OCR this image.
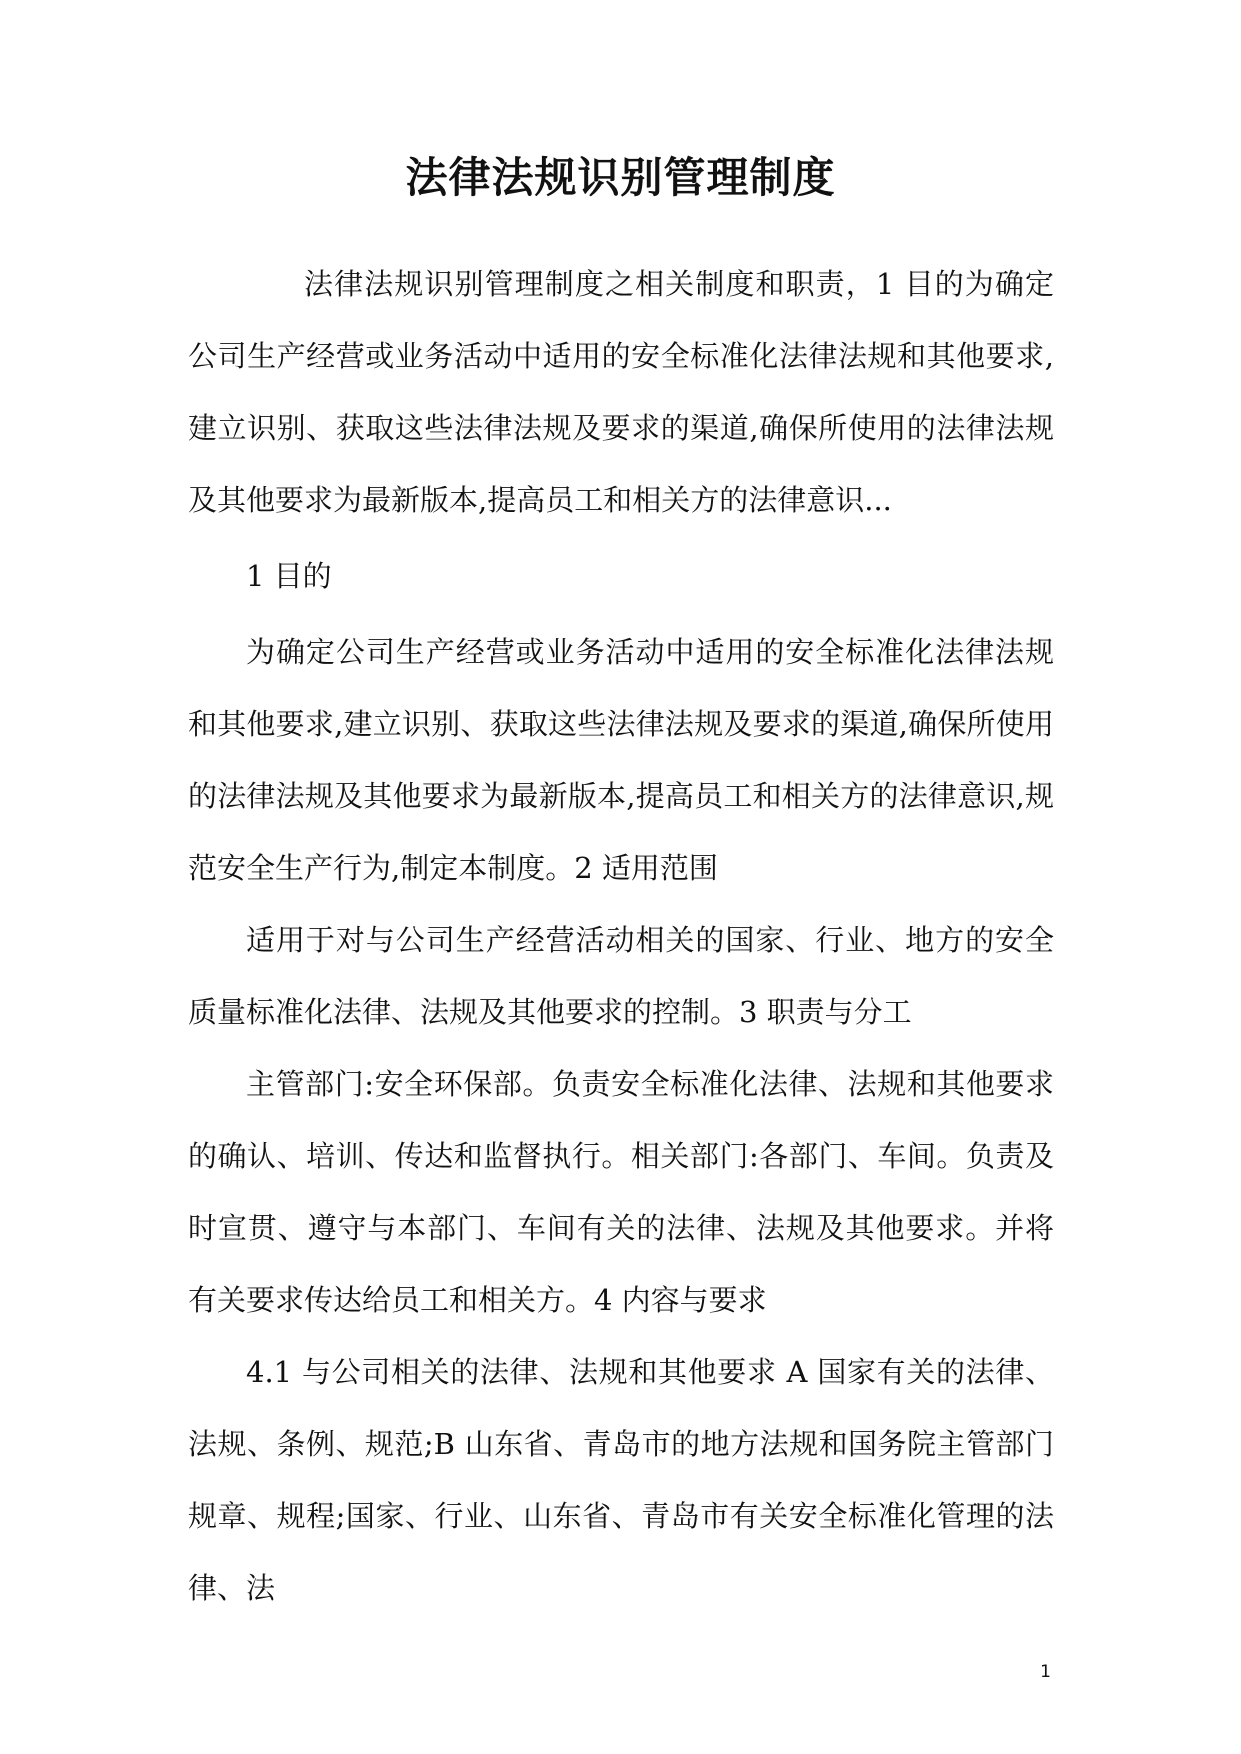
法律法规识别管理制度

法律法规识别管理制度之相关制度和职责，1 目的为确定公司生产经营或业务活动中适用的安全标准化法律法规和其他要求,建立识别、获取这些法律法规及要求的渠道,确保所使用的法律法规及其他要求为最新版本,提高员工和相关方的法律意识...

1 目的

为确定公司生产经营或业务活动中适用的安全标准化法律法规和其他要求,建立识别、获取这些法律法规及要求的渠道,确保所使用的法律法规及其他要求为最新版本,提高员工和相关方的法律意识,规范安全生产行为,制定本制度。2 适用范围

适用于对与公司生产经营活动相关的国家、行业、地方的安全质量标准化法律、法规及其他要求的控制。3 职责与分工

主管部门:安全环保部。负责安全标准化法律、法规和其他要求的确认、培训、传达和监督执行。相关部门:各部门、车间。负责及时宣贯、遵守与本部门、车间有关的法律、法规及其他要求。并将有关要求传达给员工和相关方。4 内容与要求

4.1 与公司相关的法律、法规和其他要求 A 国家有关的法律、法规、条例、规范;B 山东省、青岛市的地方法规和国务院主管部门规章、规程;国家、行业、山东省、青岛市有关安全标准化管理的法律、法

1
